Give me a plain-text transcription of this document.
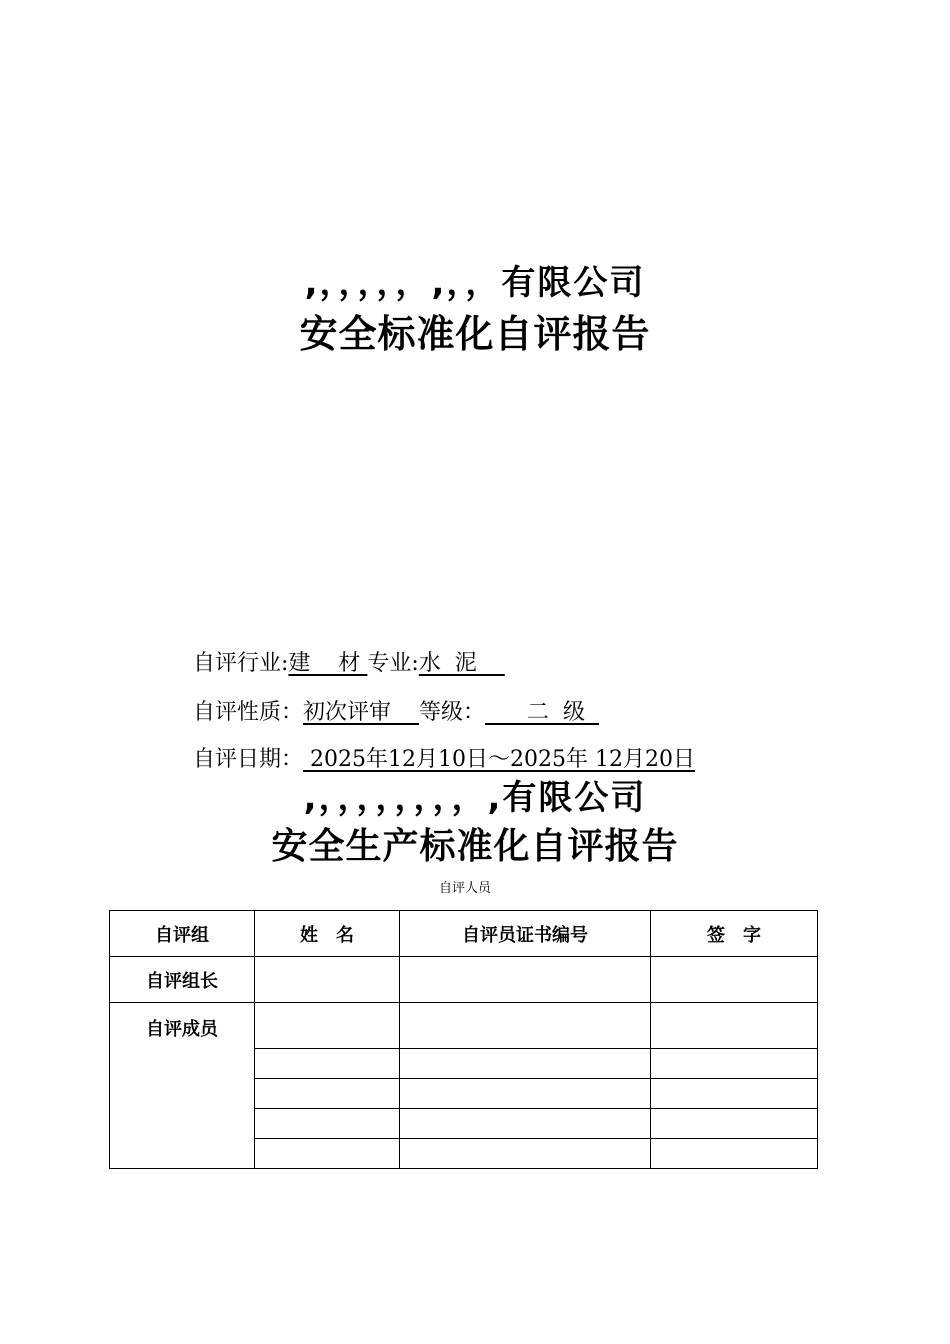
,，，，，，,，，有限公司
安全标准化自评报告
自评行业:建    材 专业:水  泥
自评性质：初次评审    等级：      二  级
自评日期： 2025年12月10日～2025年 12月20日
,，，，，，，，，,有限公司
安全生产标准化自评报告
自评人员
自评组	姓　名	自评员证书编号	签　字
自评组长			
自评成员			
